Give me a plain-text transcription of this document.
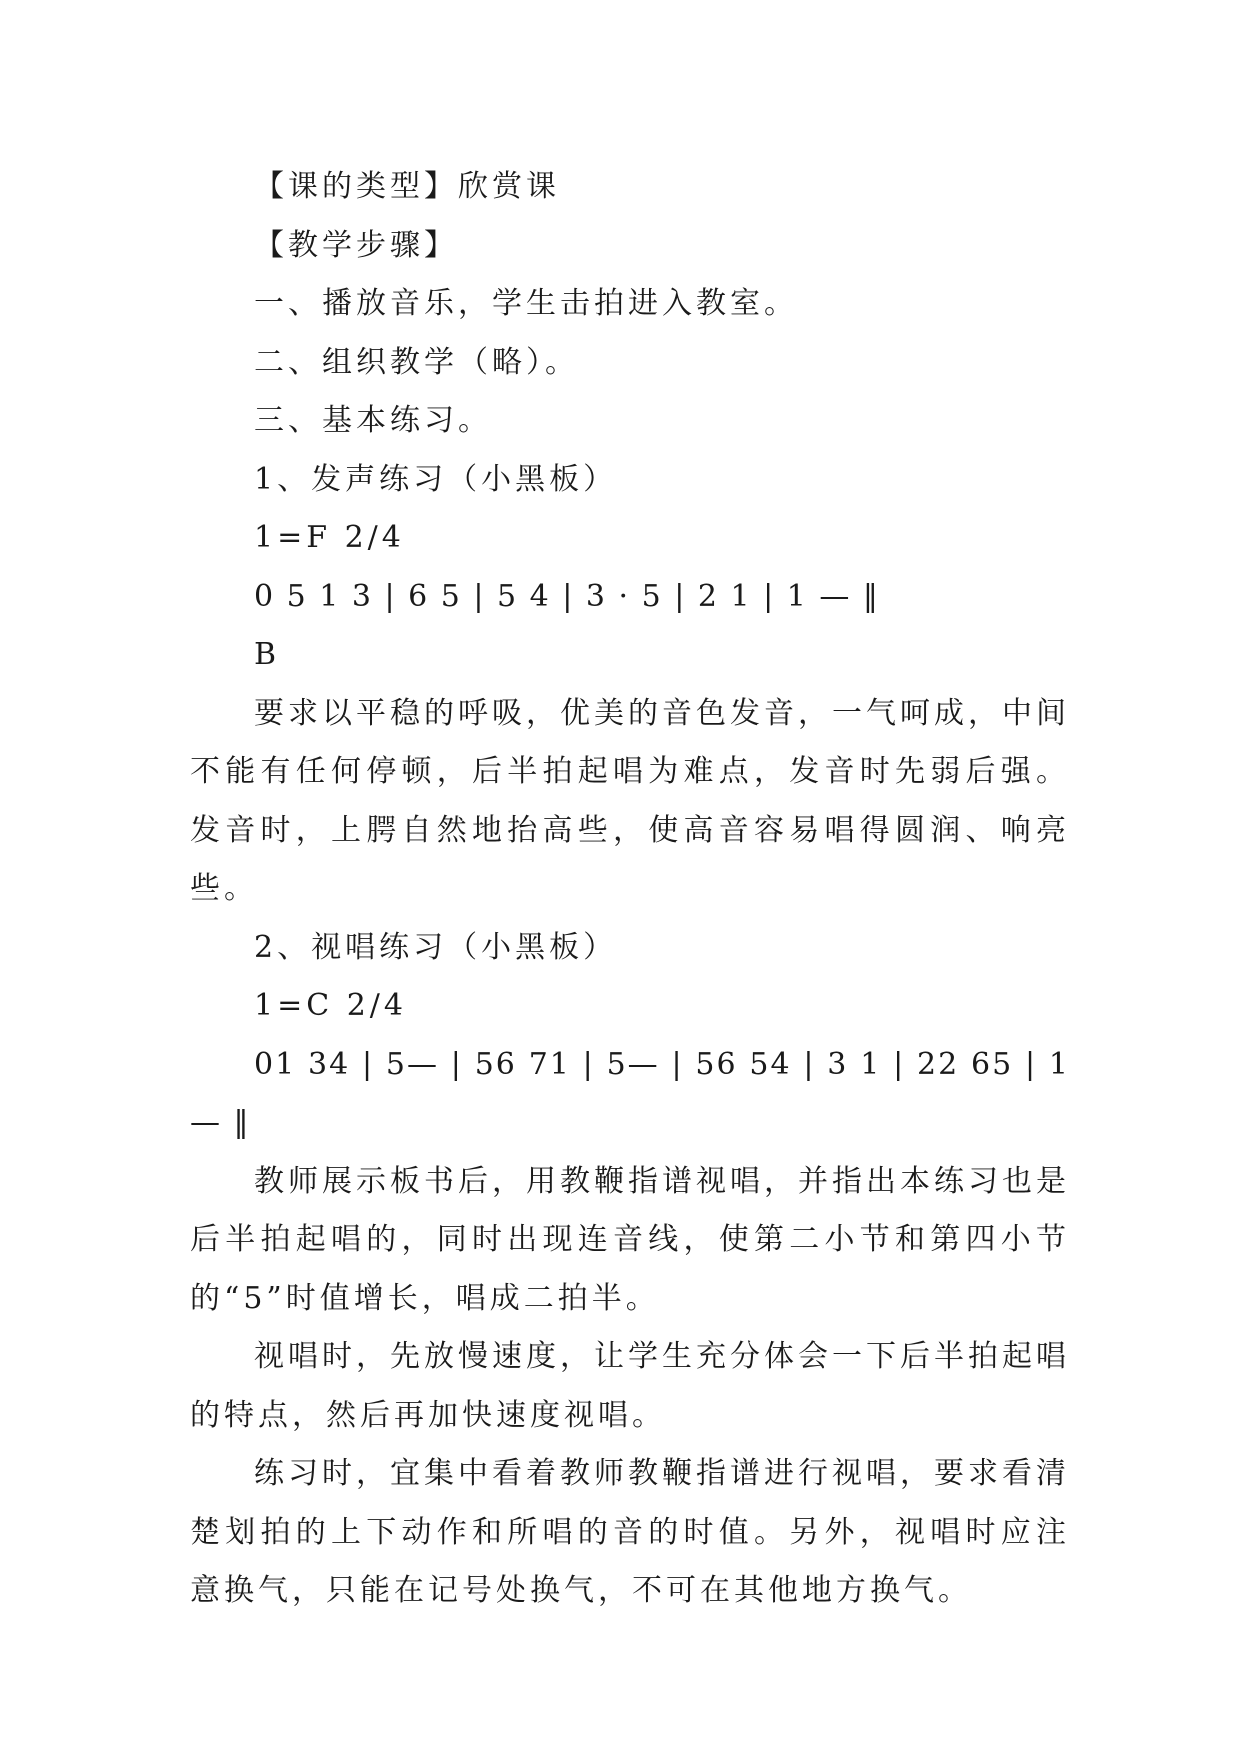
【课的类型】欣赏课

【教学步骤】

一、播放音乐，学生击拍进入教室。

二、组织教学（略）。

三、基本练习。

1、发声练习（小黑板）

1=F 2/4

0 5 1 3 | 6 5 | 5 4 | 3 · 5 | 2 1 | 1 — ‖

B

要求以平稳的呼吸，优美的音色发音，一气呵成，中间不能有任何停顿，后半拍起唱为难点，发音时先弱后强。发音时，上腭自然地抬高些，使高音容易唱得圆润、响亮些。

2、视唱练习（小黑板）

1=C 2/4

01 34 | 5— | 56 71 | 5— | 56 54 | 3 1 | 22 65 | 1 — ‖

教师展示板书后，用教鞭指谱视唱，并指出本练习也是后半拍起唱的，同时出现连音线，使第二小节和第四小节的“5”时值增长，唱成二拍半。

视唱时，先放慢速度，让学生充分体会一下后半拍起唱的特点，然后再加快速度视唱。

练习时，宜集中看着教师教鞭指谱进行视唱，要求看清楚划拍的上下动作和所唱的音的时值。另外，视唱时应注意换气，只能在记号处换气，不可在其他地方换气。
